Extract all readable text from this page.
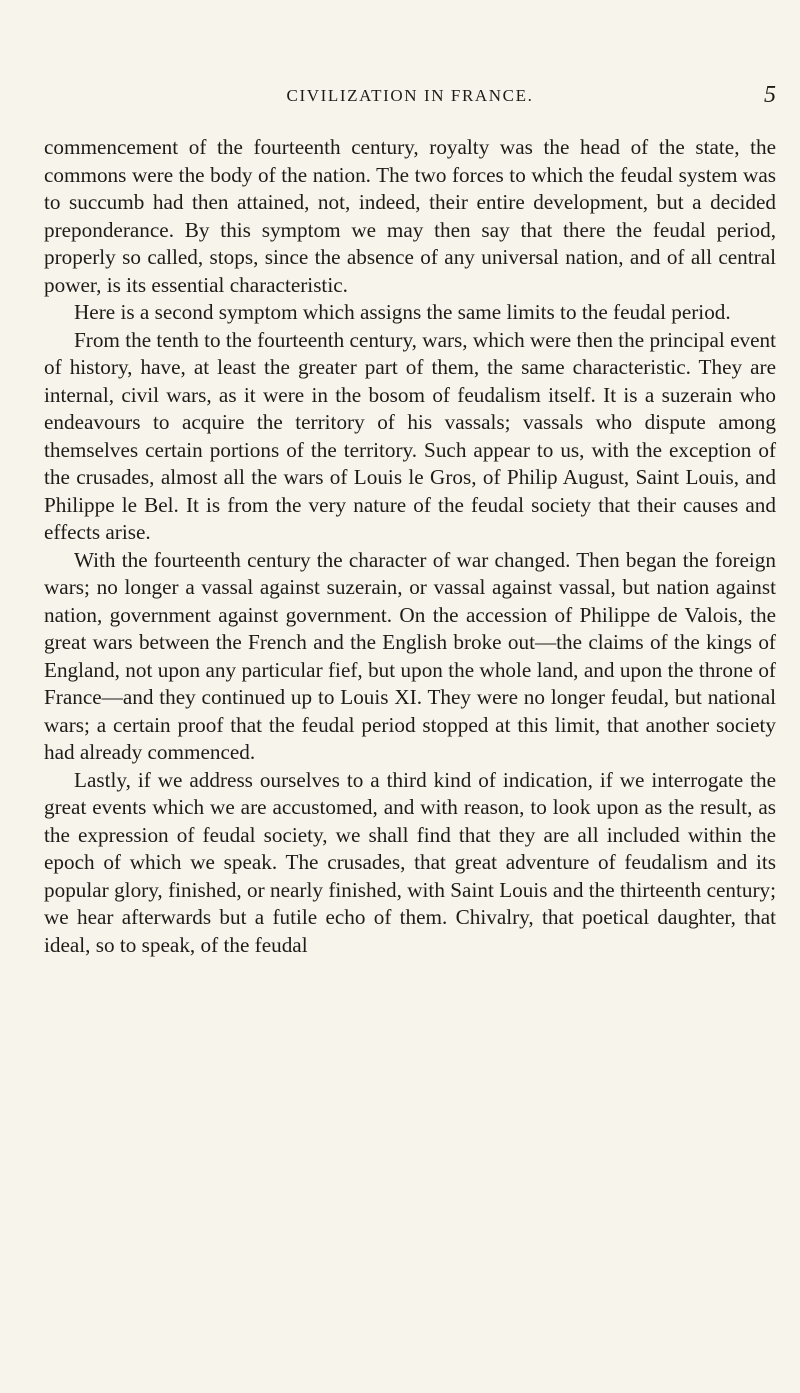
CIVILIZATION IN FRANCE.	5

commencement of the fourteenth century, royalty was the head of the state, the commons were the body of the nation. The two forces to which the feudal system was to succumb had then attained, not, indeed, their entire development, but a decided preponderance. By this symptom we may then say that there the feudal period, properly so called, stops, since the absence of any universal nation, and of all central power, is its essential characteristic.

Here is a second symptom which assigns the same limits to the feudal period.

From the tenth to the fourteenth century, wars, which were then the principal event of history, have, at least the greater part of them, the same characteristic. They are internal, civil wars, as it were in the bosom of feudalism itself. It is a suzerain who endeavours to acquire the territory of his vassals; vassals who dispute among themselves certain portions of the territory. Such appear to us, with the exception of the crusades, almost all the wars of Louis le Gros, of Philip August, Saint Louis, and Philippe le Bel. It is from the very nature of the feudal society that their causes and effects arise.

With the fourteenth century the character of war changed. Then began the foreign wars; no longer a vassal against suzerain, or vassal against vassal, but nation against nation, government against government. On the accession of Philippe de Valois, the great wars between the French and the English broke out—the claims of the kings of England, not upon any particular fief, but upon the whole land, and upon the throne of France—and they continued up to Louis XI. They were no longer feudal, but national wars; a certain proof that the feudal period stopped at this limit, that another society had already commenced.

Lastly, if we address ourselves to a third kind of indication, if we interrogate the great events which we are accustomed, and with reason, to look upon as the result, as the expression of feudal society, we shall find that they are all included within the epoch of which we speak. The crusades, that great adventure of feudalism and its popular glory, finished, or nearly finished, with Saint Louis and the thirteenth century; we hear afterwards but a futile echo of them. Chivalry, that poetical daughter, that ideal, so to speak, of the feudal
